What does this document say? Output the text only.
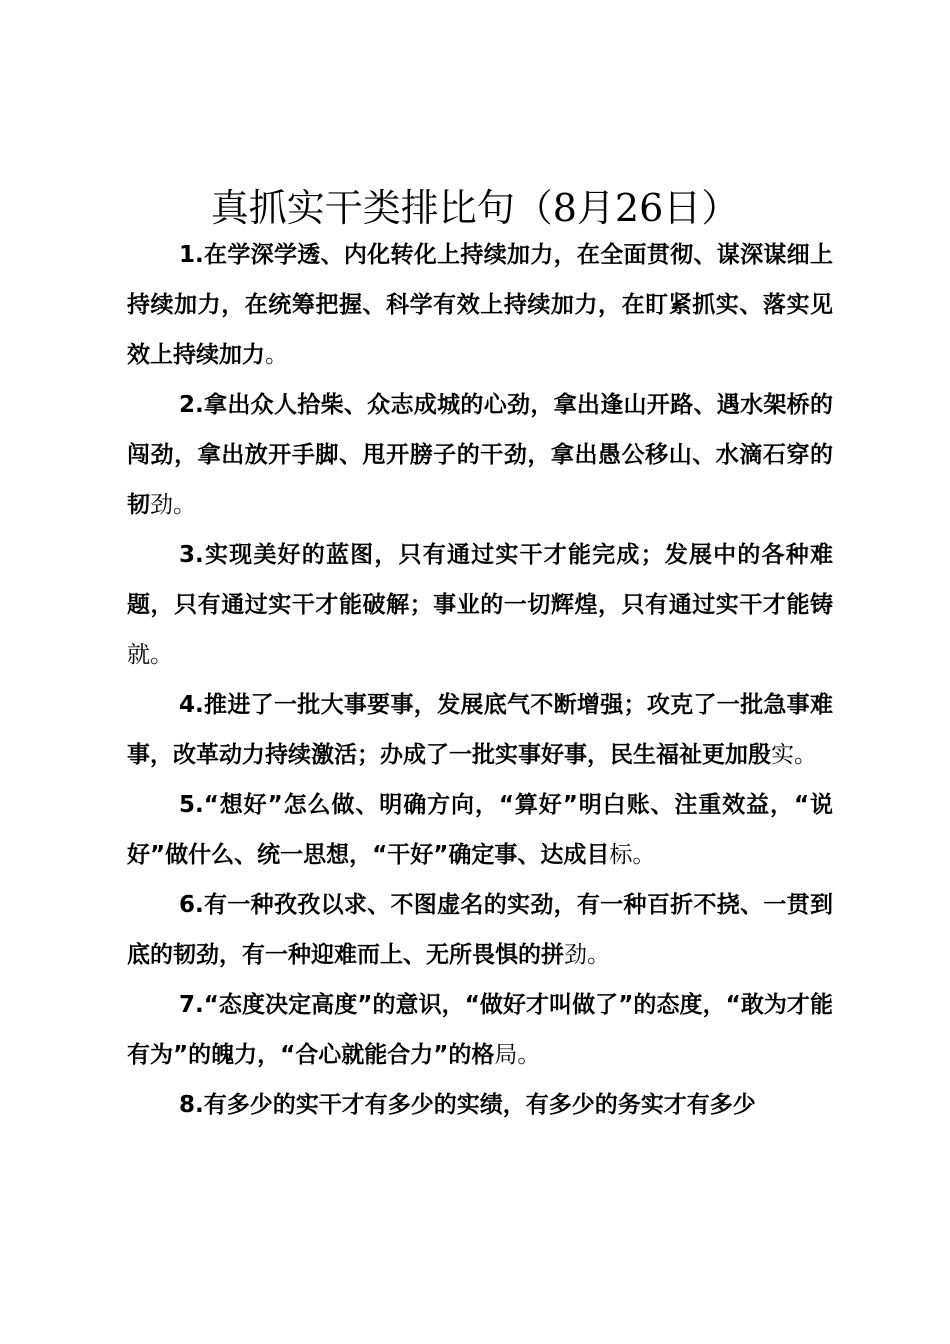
真抓实干类排比句（8月26日）

1.在学深学透、内化转化上持续加力，在全面贯彻、谋深谋细上持续加力，在统筹把握、科学有效上持续加力，在盯紧抓实、落实见效上持续加力。

2.拿出众人拾柴、众志成城的心劲，拿出逢山开路、遇水架桥的闯劲，拿出放开手脚、甩开膀子的干劲，拿出愚公移山、水滴石穿的韧劲。

3.实现美好的蓝图，只有通过实干才能完成；发展中的各种难题，只有通过实干才能破解；事业的一切辉煌，只有通过实干才能铸就。

4.推进了一批大事要事，发展底气不断增强；攻克了一批急事难事，改革动力持续激活；办成了一批实事好事，民生福祉更加殷实。

5.“想好”怎么做、明确方向，“算好”明白账、注重效益，“说好”做什么、统一思想，“干好”确定事、达成目标。

6.有一种孜孜以求、不图虚名的实劲，有一种百折不挠、一贯到底的韧劲，有一种迎难而上、无所畏惧的拼劲。

7.“态度决定高度”的意识，“做好才叫做了”的态度，“敢为才能有为”的魄力，“合心就能合力”的格局。

8.有多少的实干才有多少的实绩，有多少的务实才有多少
